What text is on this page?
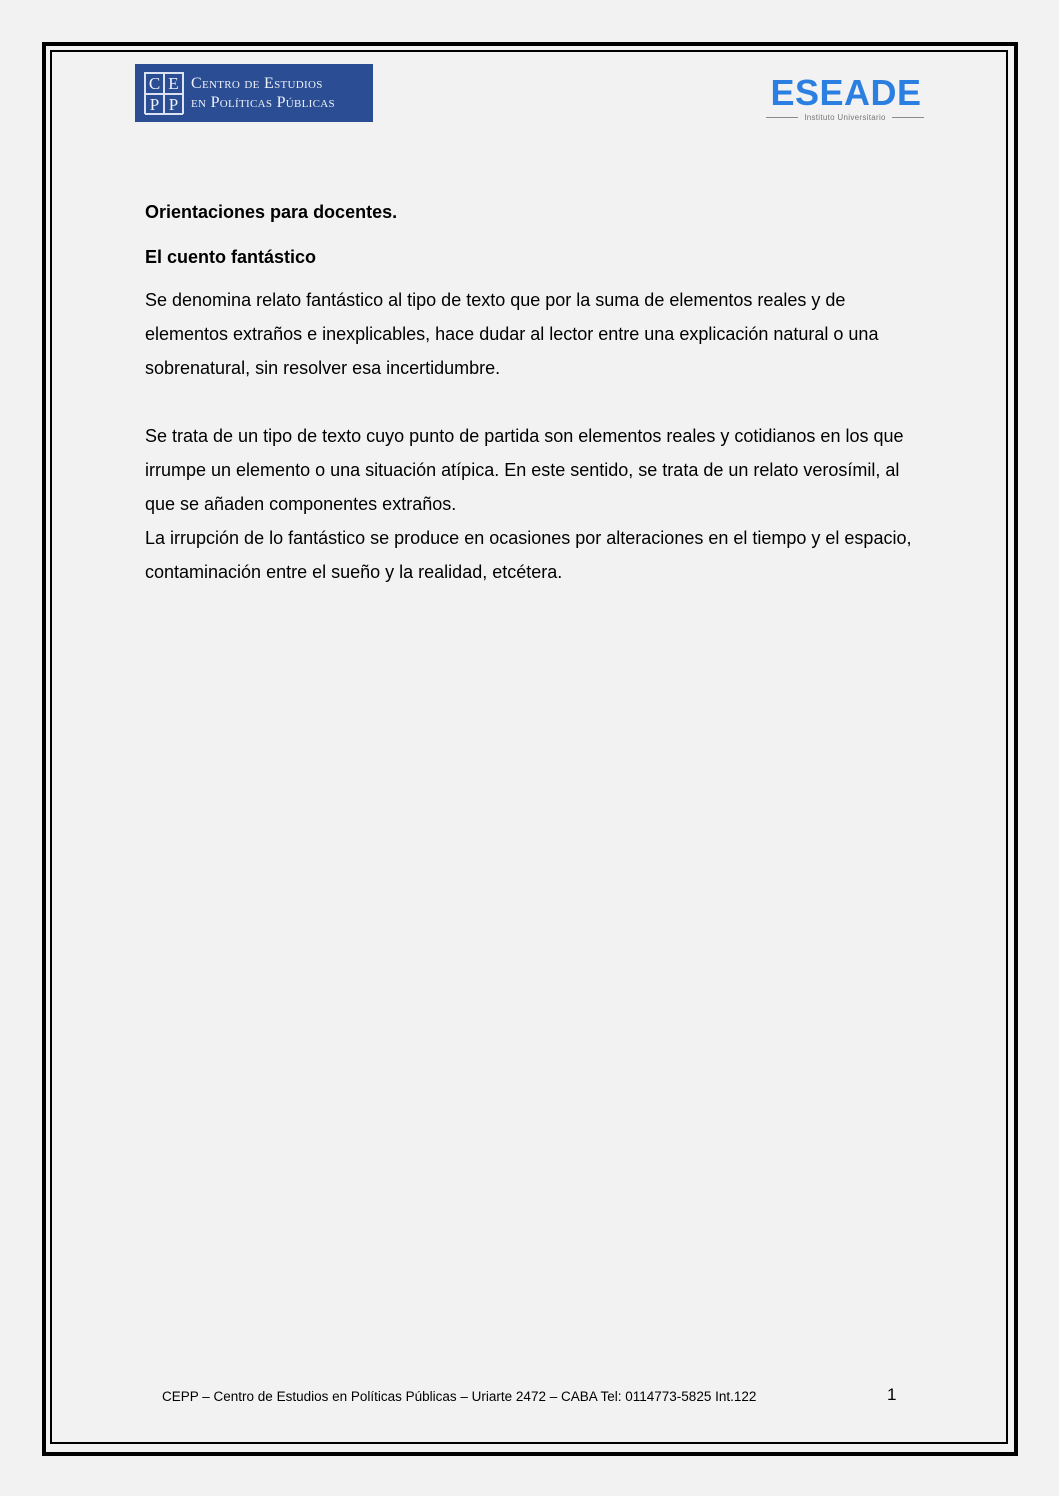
C E
P P
Centro de Estudios
en Políticas Públicas	ESEADE
Instituto Universitario
Orientaciones para docentes.
El cuento fantástico

Se denomina relato fantástico al tipo de texto que por la suma de elementos reales y de elementos extraños e inexplicables, hace dudar al lector entre una explicación natural o una sobrenatural, sin resolver esa incertidumbre.

Se trata de un tipo de texto cuyo punto de partida son elementos reales y cotidianos en los que irrumpe un elemento o una situación atípica. En este sentido, se trata de un relato verosímil, al que se añaden componentes extraños.

La irrupción de lo fantástico se produce en ocasiones por alteraciones en el tiempo y el espacio, contaminación entre el sueño y la realidad, etcétera.

CEPP – Centro de Estudios en Políticas Públicas – Uriarte 2472 – CABA Tel: 0114773-5825 Int.122	1
